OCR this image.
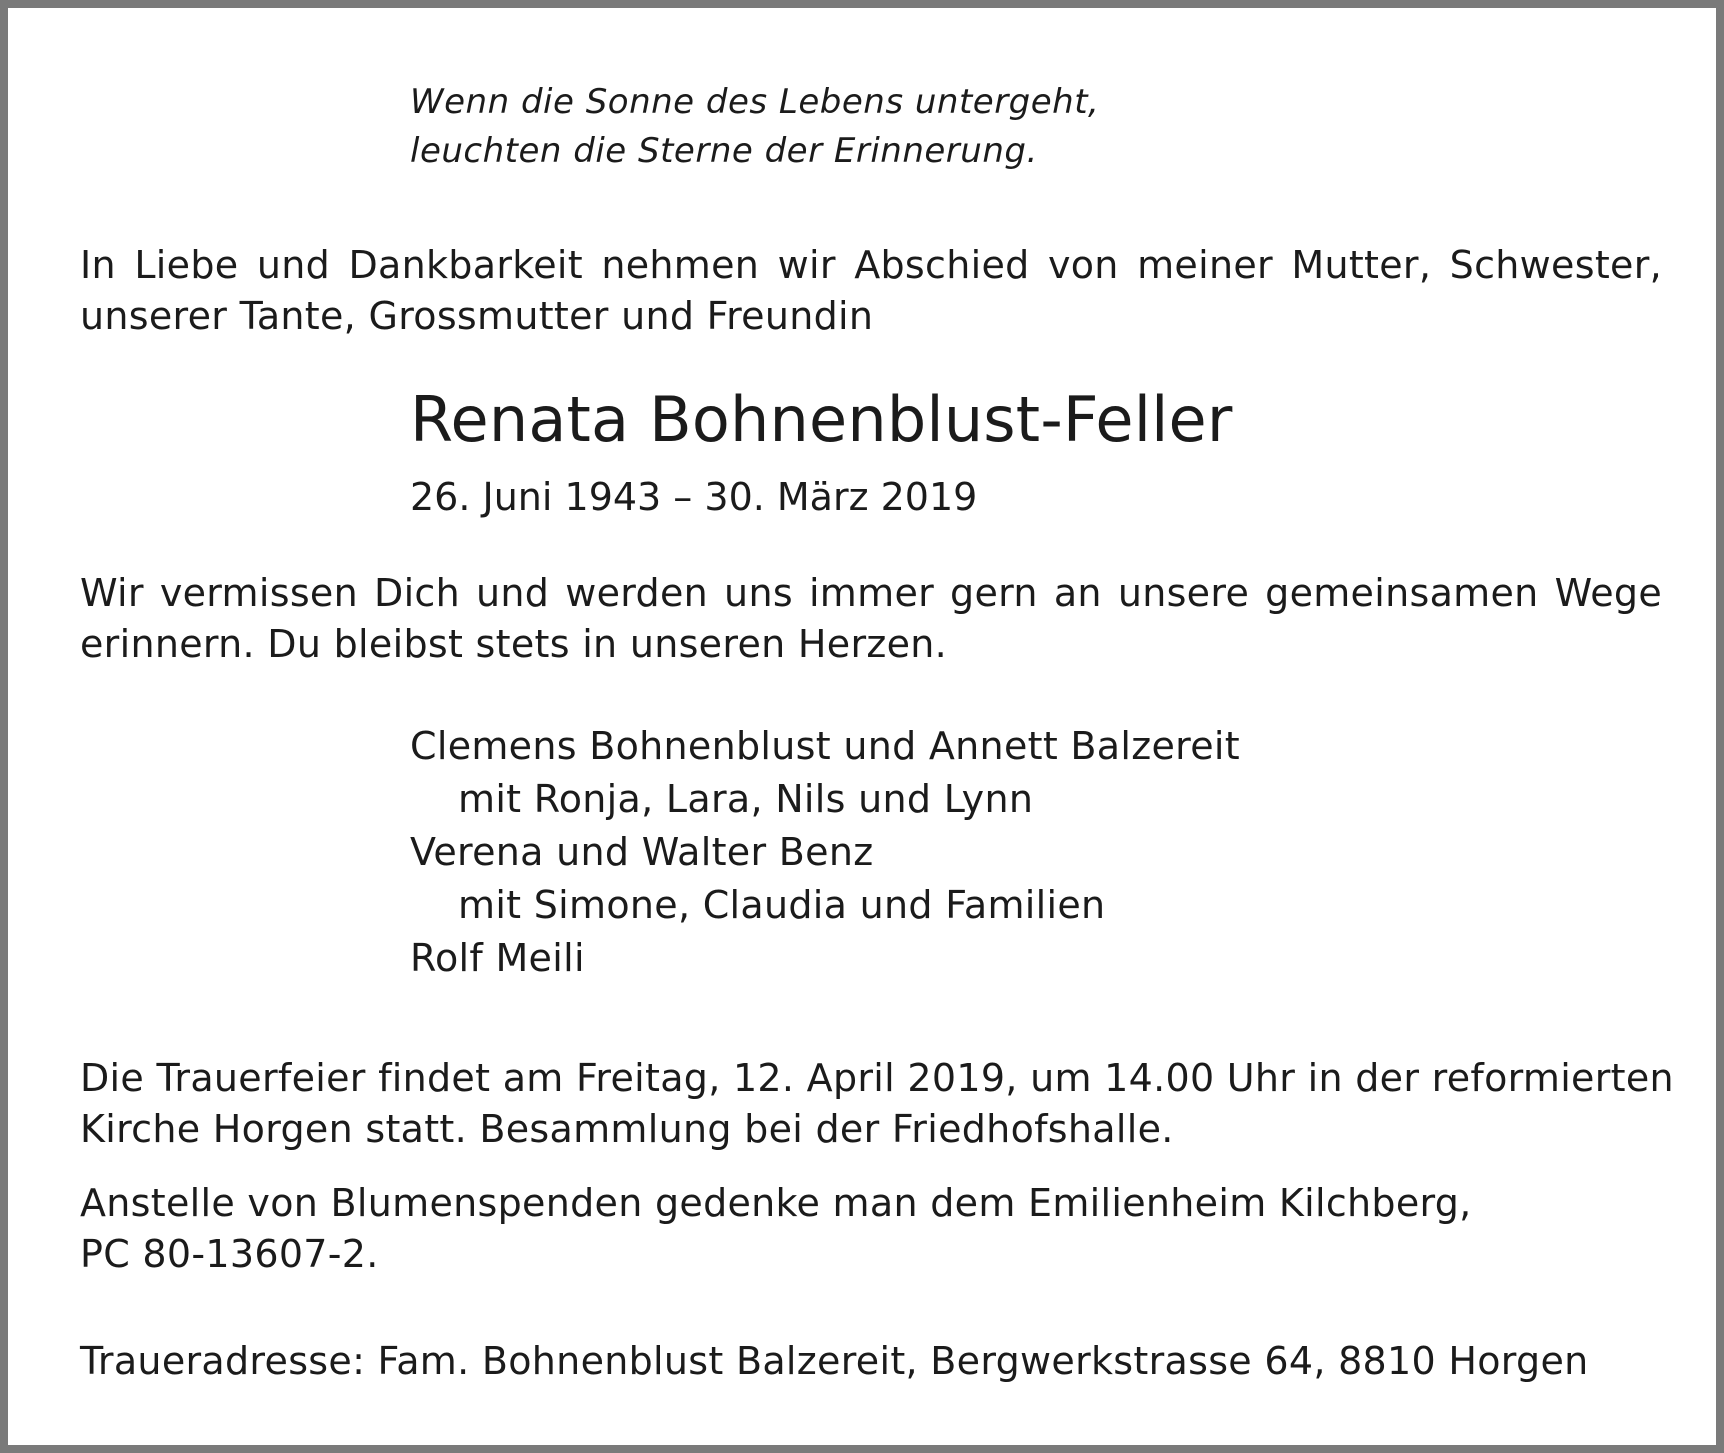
Wenn die Sonne des Lebens untergeht,
leuchten die Sterne der Erinnerung.
In Liebe und Dankbarkeit nehmen wir Abschied von meiner Mutter, Schwester,
unserer Tante, Grossmutter und Freundin
Renata Bohnenblust-Feller
26. Juni 1943 – 30. März 2019
Wir vermissen Dich und werden uns immer gern an unsere gemeinsamen Wege
erinnern. Du bleibst stets in unseren Herzen.
Clemens Bohnenblust und Annett Balzereit
mit Ronja, Lara, Nils und Lynn
Verena und Walter Benz
mit Simone, Claudia und Familien
Rolf Meili
Die Trauerfeier findet am Freitag, 12. April 2019, um 14.00 Uhr in der reformierten
Kirche Horgen statt. Besammlung bei der Friedhofshalle.
Anstelle von Blumenspenden gedenke man dem Emilienheim Kilchberg,
PC 80-13607-2.
Traueradresse: Fam. Bohnenblust Balzereit, Bergwerkstrasse 64, 8810 Horgen
